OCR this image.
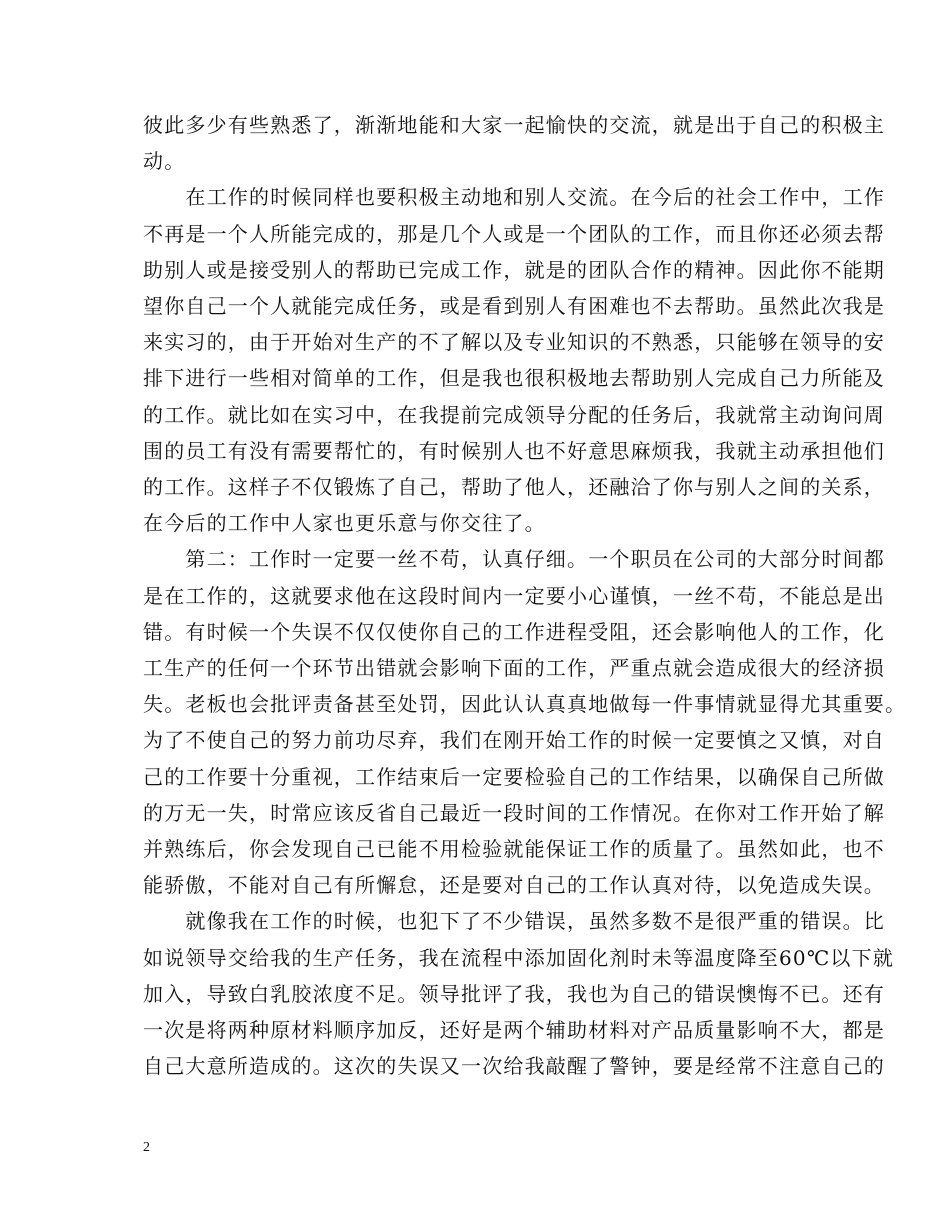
彼此多少有些熟悉了，渐渐地能和大家一起愉快的交流，就是出于自己的积极主
动。
　　在工作的时候同样也要积极主动地和别人交流。在今后的社会工作中，工作
不再是一个人所能完成的，那是几个人或是一个团队的工作，而且你还必须去帮
助别人或是接受别人的帮助已完成工作，就是的团队合作的精神。因此你不能期
望你自己一个人就能完成任务，或是看到别人有困难也不去帮助。虽然此次我是
来实习的，由于开始对生产的不了解以及专业知识的不熟悉，只能够在领导的安
排下进行一些相对简单的工作，但是我也很积极地去帮助别人完成自己力所能及
的工作。就比如在实习中，在我提前完成领导分配的任务后，我就常主动询问周
围的员工有没有需要帮忙的，有时候别人也不好意思麻烦我，我就主动承担他们
的工作。这样子不仅锻炼了自己，帮助了他人，还融洽了你与别人之间的关系，
在今后的工作中人家也更乐意与你交往了。
　　第二：工作时一定要一丝不苟，认真仔细。一个职员在公司的大部分时间都
是在工作的，这就要求他在这段时间内一定要小心谨慎，一丝不苟，不能总是出
错。有时候一个失误不仅仅使你自己的工作进程受阻，还会影响他人的工作，化
工生产的任何一个环节出错就会影响下面的工作，严重点就会造成很大的经济损
失。老板也会批评责备甚至处罚，因此认认真真地做每一件事情就显得尤其重要。
为了不使自己的努力前功尽弃，我们在刚开始工作的时候一定要慎之又慎，对自
己的工作要十分重视，工作结束后一定要检验自己的工作结果，以确保自己所做
的万无一失，时常应该反省自己最近一段时间的工作情况。在你对工作开始了解
并熟练后，你会发现自己已能不用检验就能保证工作的质量了。虽然如此，也不
能骄傲，不能对自己有所懈怠，还是要对自己的工作认真对待，以免造成失误。
　　就像我在工作的时候，也犯下了不少错误，虽然多数不是很严重的错误。比
如说领导交给我的生产任务，我在流程中添加固化剂时未等温度降至60℃以下就
加入，导致白乳胶浓度不足。领导批评了我，我也为自己的错误懊悔不已。还有
一次是将两种原材料顺序加反，还好是两个辅助材料对产品质量影响不大，都是
自己大意所造成的。这次的失误又一次给我敲醒了警钟，要是经常不注意自己的
2
